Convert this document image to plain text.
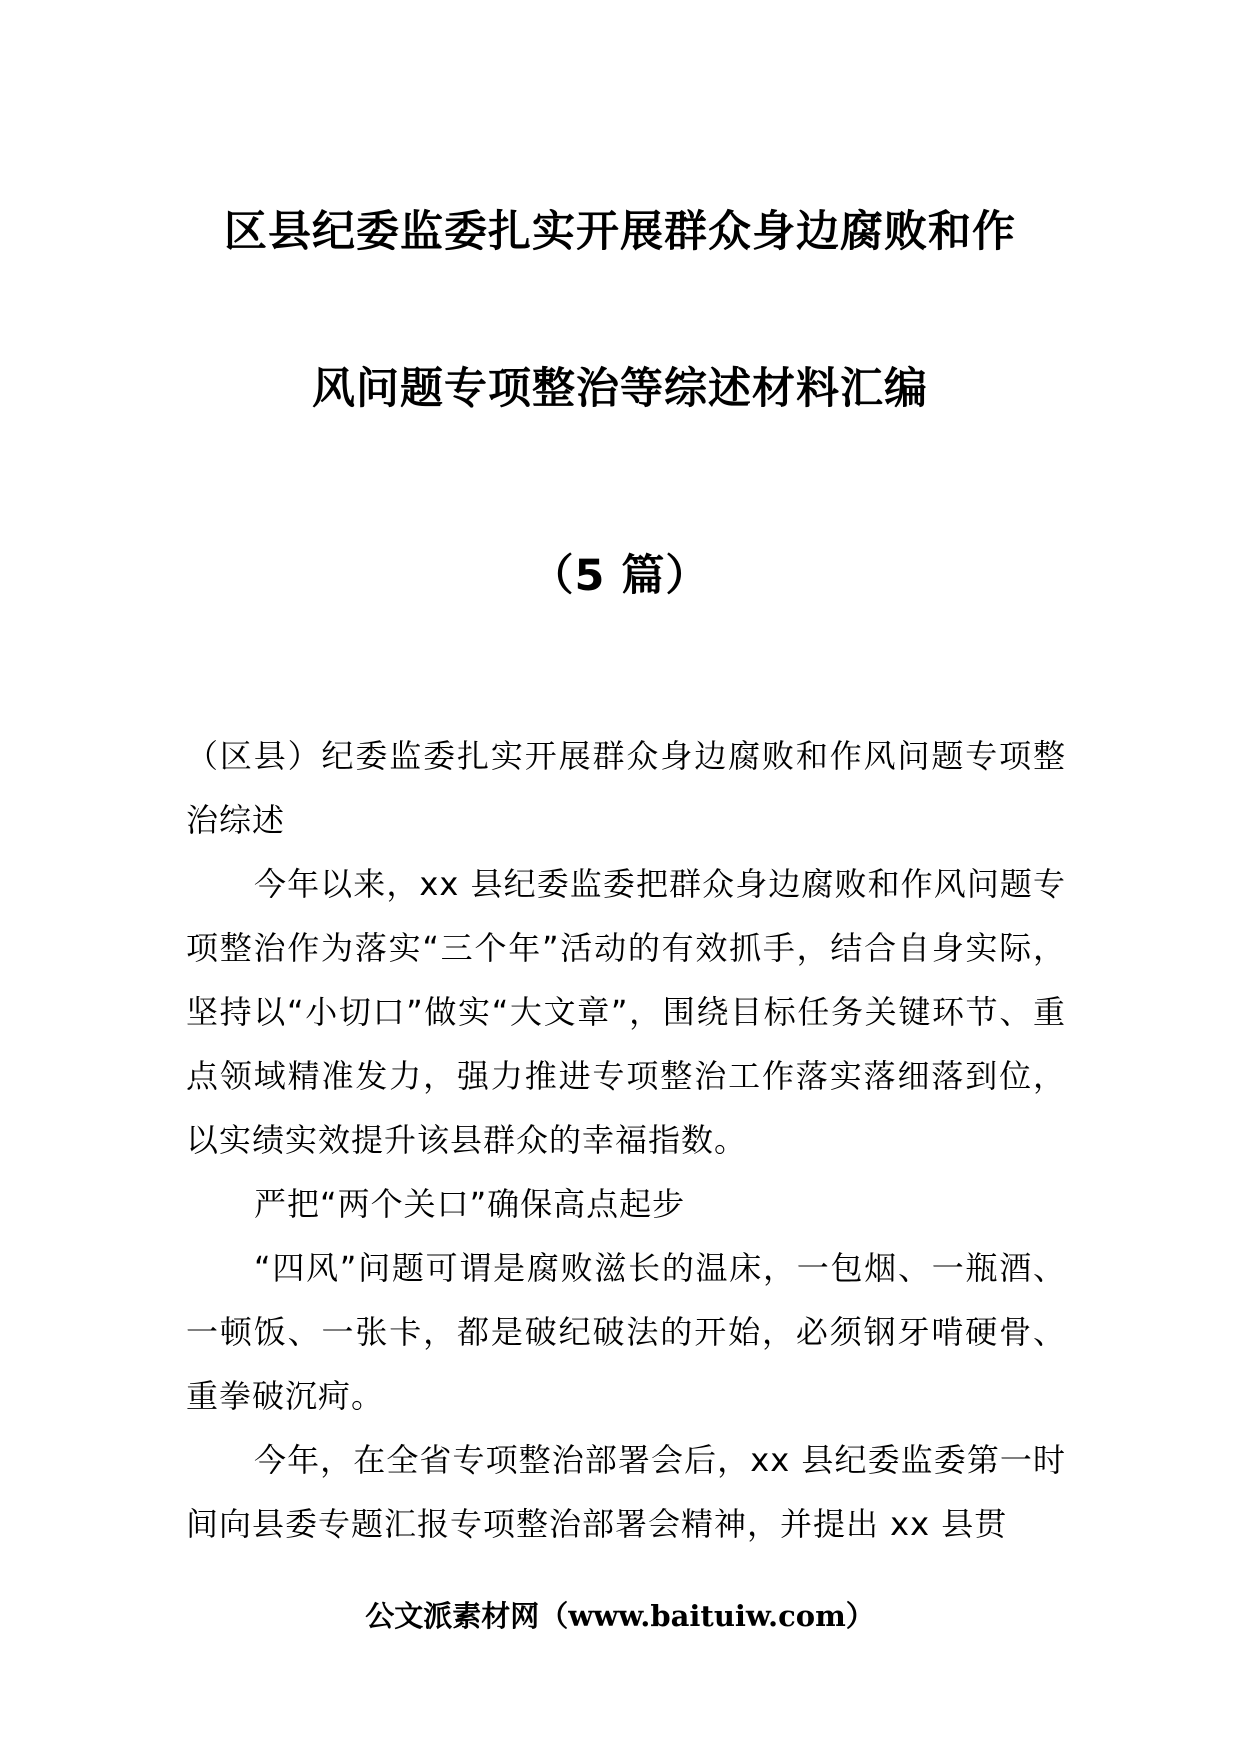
区县纪委监委扎实开展群众身边腐败和作
风问题专项整治等综述材料汇编
（5 篇）

（区县）纪委监委扎实开展群众身边腐败和作风问题专项整治综述

今年以来，xx 县纪委监委把群众身边腐败和作风问题专项整治作为落实“三个年”活动的有效抓手，结合自身实际，坚持以“小切口”做实“大文章”，围绕目标任务关键环节、重点领域精准发力，强力推进专项整治工作落实落细落到位，以实绩实效提升该县群众的幸福指数。

严把“两个关口”确保高点起步

“四风”问题可谓是腐败滋长的温床，一包烟、一瓶酒、一顿饭、一张卡，都是破纪破法的开始，必须钢牙啃硬骨、重拳破沉疴。

今年，在全省专项整治部署会后，xx 县纪委监委第一时间向县委专题汇报专项整治部署会精神，并提出 xx 县贯

公文派素材网（www.baituiw.com）
